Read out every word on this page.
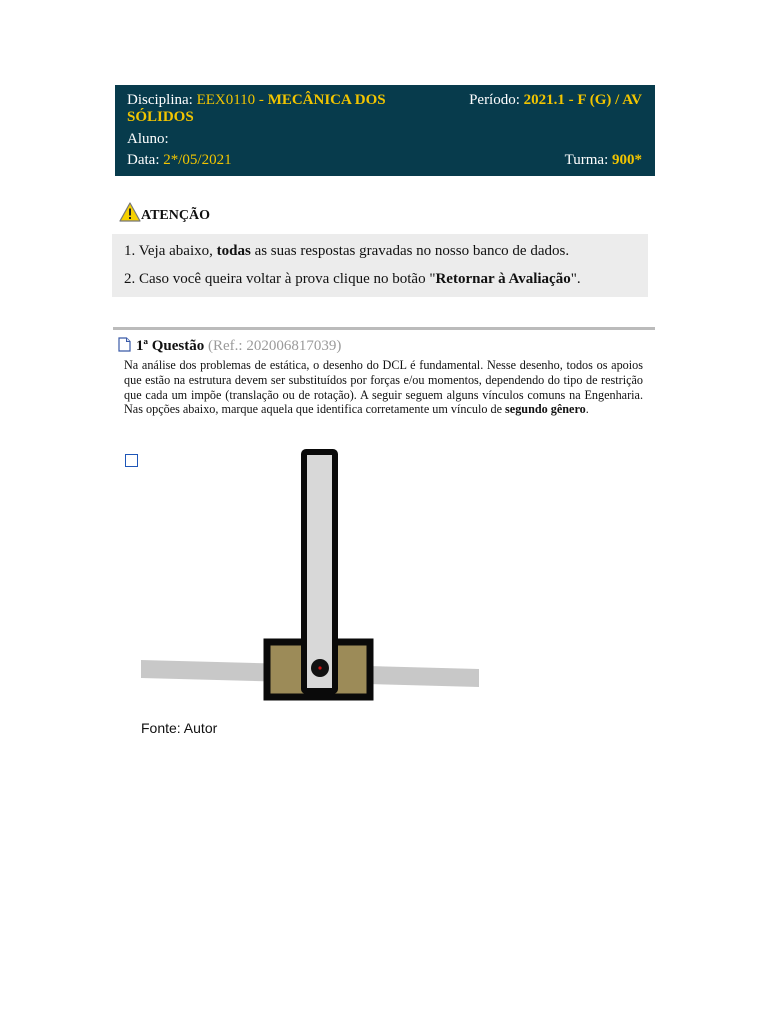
Disciplina: EEX0110 - MECÂNICA DOS SÓLIDOS
Período: 2021.1 - F (G) / AV
Aluno:
Data: 2*/05/2021	Turma: 900*
ATENÇÃO
1. Veja abaixo, todas as suas respostas gravadas no nosso banco de dados.
2. Caso você queira voltar à prova clique no botão "Retornar à Avaliação".
1ª Questão (Ref.: 202006817039)
Na análise dos problemas de estática, o desenho do DCL é fundamental. Nesse desenho, todos os apoios que estão na estrutura devem ser substituídos por forças e/ou momentos, dependendo do tipo de restrição que cada um impõe (translação ou de rotação). A seguir seguem alguns vínculos comuns na Engenharia. Nas opções abaixo, marque aquela que identifica corretamente um vínculo de segundo gênero.
Fonte: Autor
